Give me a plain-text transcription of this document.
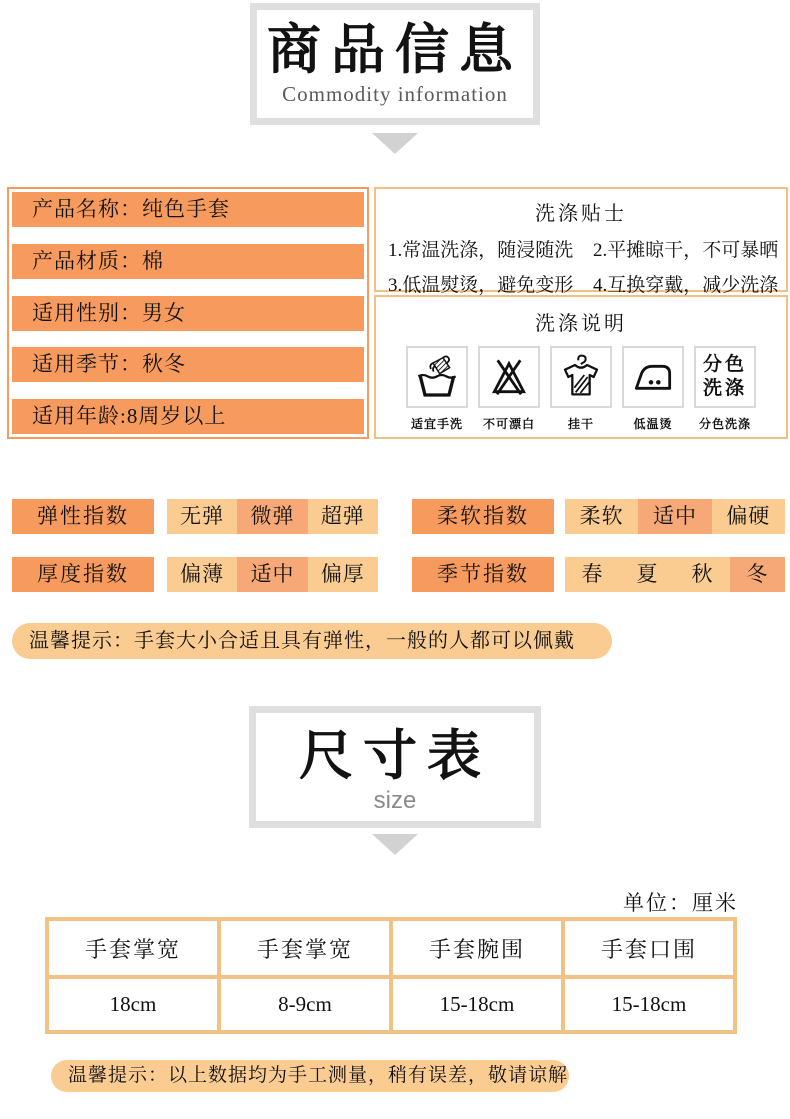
商品信息
Commodity information
产品名称：纯色手套
产品材质：棉
适用性别：男女
适用季节：秋冬
适用年龄:8周岁以上
洗涤贴士
1.常温洗涤，随浸随洗	2.平摊晾干，不可暴晒
3.低温熨烫，避免变形	4.互换穿戴，减少洗涤
洗涤说明
适宜手洗	不可漂白	挂干	低温烫
分色
洗涤
分色洗涤
弹性指数	无弹	微弹	超弹	柔软指数	柔软	适中	偏硬
厚度指数	偏薄	适中	偏厚	季节指数	春	夏	秋	冬
温馨提示：手套大小合适且具有弹性，一般的人都可以佩戴
尺寸表
size
单位：厘米
手套掌宽	手套掌宽	手套腕围	手套口围
18cm	8-9cm	15-18cm	15-18cm
温馨提示：以上数据均为手工测量，稍有误差，敬请谅解
